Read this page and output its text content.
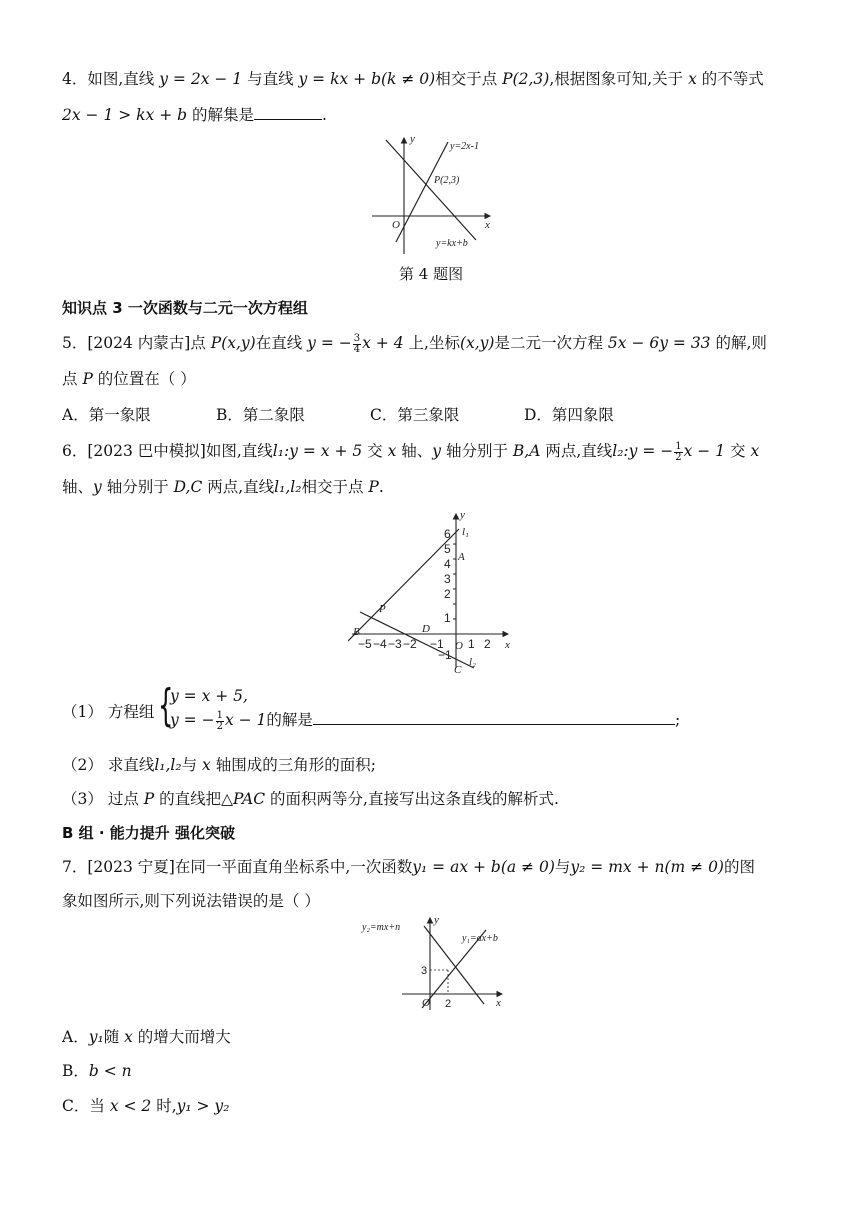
4．如图,直线 y = 2x − 1 与直线 y = kx + b(k ≠ 0)相交于点 P(2,3),根据图象可知,关于 x 的不等式
2x − 1 > kx + b 的解集是	.
y
x
O
y=2x-1
P(2,3)
y=kx+b
第 4 题图
知识点 3 一次函数与二元一次方程组
5．[2024 内蒙古]点 P(x,y)在直线 y = − $\frac{3}{4}$ x + 4 上,坐标(x,y)是二元一次方程 5x − 6y = 33 的解,则
点 P 的位置在（ ）
A．第一象限	B．第二象限	C．第三象限	D．第四象限
6．[2023 巴中模拟]如图,直线l₁:y = x + 5 交 x 轴、y 轴分别于 B,A 两点,直线l₂:y = − $\frac{1}{2}$ x − 1 交 x
轴、y 轴分别于 D,C 两点,直线l₁,l₂相交于点 P.
y
x
l₁
l₂
A
B
C
D
P
O
6
5
4
3
2
1
−1
−5 −4 −3 −2 −1 1 2
（1） 方程组 {
y = x + 5,
y = − $\frac{1}{2}$ x − 1的解是	;
（2） 求直线l₁,l₂与 x 轴围成的三角形的面积;
（3） 过点 P 的直线把△PAC 的面积两等分,直接写出这条直线的解析式.
B 组 · 能力提升 强化突破
7．[2023 宁夏]在同一平面直角坐标系中,一次函数y₁ = ax + b(a ≠ 0)与y₂ = mx + n(m ≠ 0)的图
象如图所示,则下列说法错误的是（ ）
y₂=mx+n
y₁=ax+b
y
x
O
3
2
A．y₁随 x 的增大而增大
B．b < n
C．当 x < 2 时,y₁ > y₂
